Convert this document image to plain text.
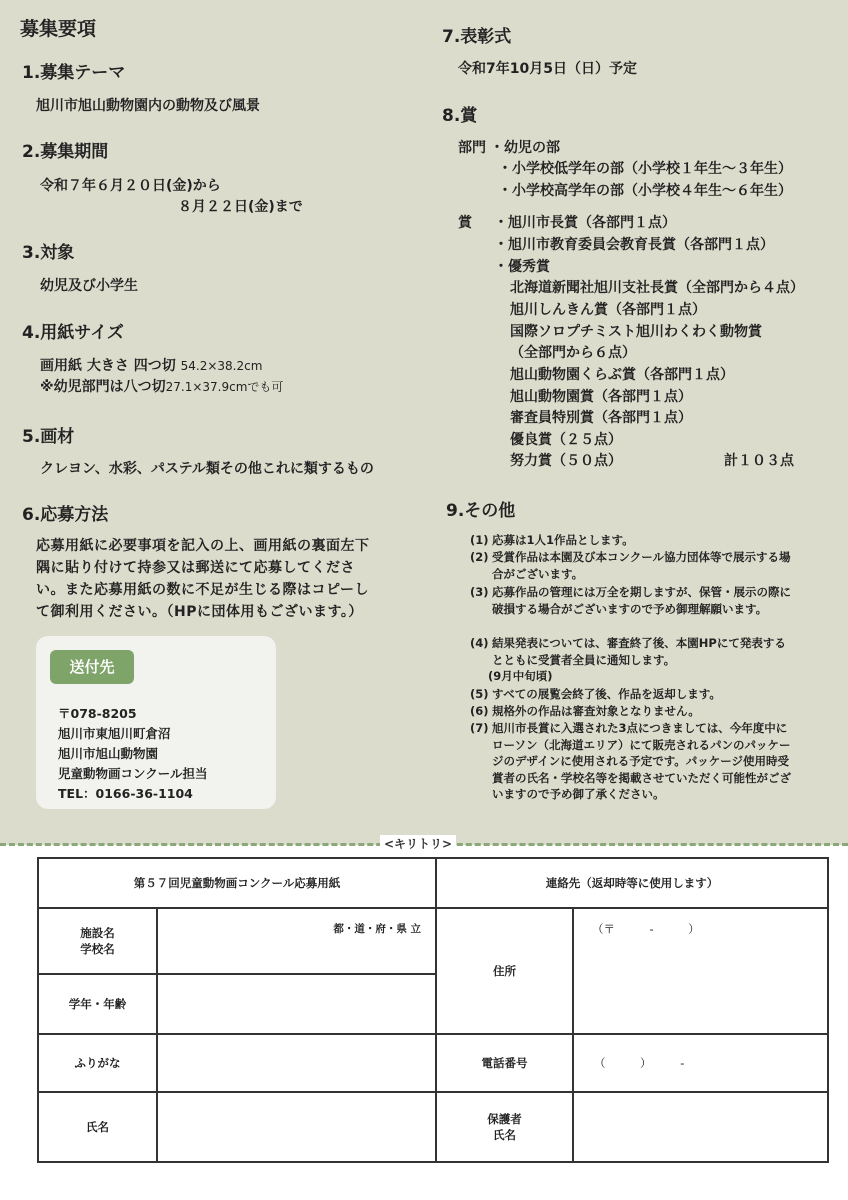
募集要項
1.募集テーマ
旭川市旭山動物園内の動物及び風景
2.募集期間
令和７年６月２０日(金)から
８月２２日(金)まで
3.対象
幼児及び小学生
4.用紙サイズ
画用紙 大きさ 四つ切 54.2×38.2cm
※幼児部門は八つ切27.1×37.9cmでも可
5.画材
クレヨン、水彩、パステル類その他これに類するもの
6.応募方法
応募用紙に必要事項を記入の上、画用紙の裏面左下
隅に貼り付けて持参又は郵送にて応募してくださ
い。また応募用紙の数に不足が生じる際はコピーし
て御利用ください。（HPに団体用もございます。）
送付先
〒078-8205
旭川市東旭川町倉沼
旭川市旭山動物園
児童動物画コンクール担当
TEL：0166-36-1104
7.表彰式
令和7年10月5日（日）予定
8.賞
部門 ・幼児の部
・小学校低学年の部（小学校１年生～３年生）
・小学校高学年の部（小学校４年生～６年生）
賞 ・旭川市長賞（各部門１点）
・旭川市教育委員会教育長賞（各部門１点）
・優秀賞
北海道新聞社旭川支社長賞（全部門から４点）
旭川しんきん賞（各部門１点）
国際ソロプチミスト旭川わくわく動物賞
（全部門から６点）
旭山動物園くらぶ賞（各部門１点）
旭山動物園賞（各部門１点）
審査員特別賞（各部門１点）
優良賞（２５点）
努力賞（５０点）	計１０３点
9.その他
(1) 応募は1人1作品とします。
(2) 受賞作品は本園及び本コンクール協力団体等で展示する場合がございます。
(3) 応募作品の管理には万全を期しますが、保管・展示の際に破損する場合がございますので予め御理解願います。
(4) 結果発表については、審査終了後、本園HPにて発表するとともに受賞者全員に通知します。
(9月中旬頃)
(5) すべての展覧会終了後、作品を返却します。
(6) 規格外の作品は審査対象となりません。
(7) 旭川市長賞に入選された3点につきましては、今年度中にローソン（北海道エリア）にて販売されるパンのパッケージのデザインに使用される予定です。パッケージ使用時受賞者の氏名・学校名等を掲載させていただく可能性がございますので予め御了承ください。
<キリトリ>
第５７回児童動物画コンクール応募用紙		連絡先（返却時等に使用します）	

施設名
学校名	都・道・府・県 立	住所	（〒　　　-　　　）
学年・年齢			
ふりがな		電話番号	（　　　）　　　-
氏名		保護者
氏名	
